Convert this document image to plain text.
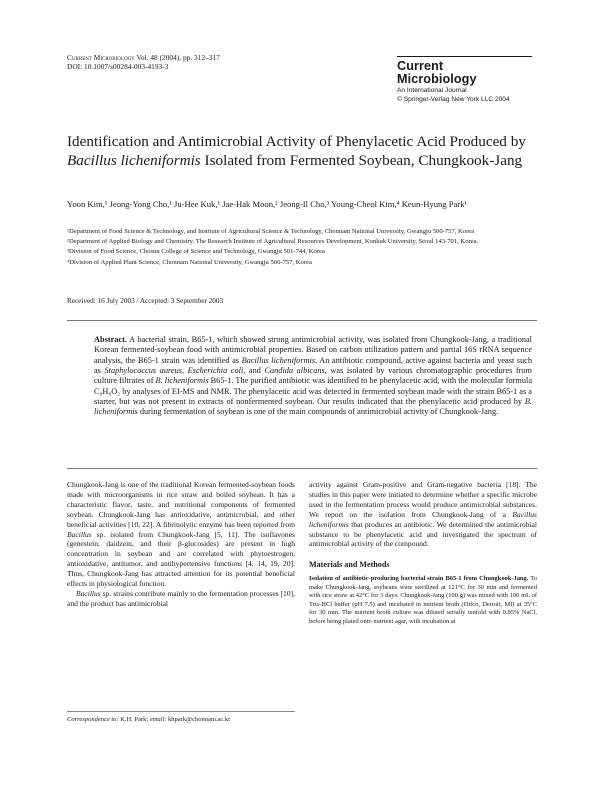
Current Microbiology Vol. 48 (2004), pp. 312–317
DOI: 10.1007/s00284-003-4193-3	Current
Microbiology
An International Journal
© Springer-Verlag New York LLC 2004
Identification and Antimicrobial Activity of Phenylacetic Acid Produced by Bacillus licheniformis Isolated from Fermented Soybean, Chungkook-Jang
Yoon Kim,¹ Jeong-Yong Cho,¹ Ju-Hee Kuk,¹ Jae-Hak Moon,² Jeong-Il Cho,³ Young-Cheol Kim,⁴ Keun-Hyung Park¹

¹Department of Food Science & Technology, and Institute of Agricultural Science & Technology, Chonnam National University, Gwangju 500-757, Korea

²Department of Applied Biology and Chemistry. The Research Institute of Agricultural Resources Development, Konkuk University, Seoul 143-701, Korea.

³Division of Food Science, Chosun College of Science and Technology, Gwangju 501-744, Korea

⁴Division of Applied Plant Science, Chonnam National University, Gwangju 500-757, Korea

Received: 16 July 2003 / Accepted: 3 September 2003

Abstract. A bacterial strain, B65-1, which showed strong antimicrobial activity, was isolated from Chungkook-Jang, a traditional Korean fermented-soybean food with antimicrobial properties. Based on carbon utilization pattern and partial 16S rRNA sequence analysis, the B65-1 strain was identified as Bacillus licheniformis. An antibiotic compound, active against bacteria and yeast such as Staphylococcus aureus, Escherichia coli, and Candida albicans, was isolated by various chromatographic procedures from culture filtrates of B. licheniformis B65-1. The purified antibiotic was identified to be phenylacetic acid, with the molecular formula C₈H₈O₂ by analyses of EI-MS and NMR. The phenylacetic acid was detected in fermented soybean made with the strain B65-1 as a starter, but was not present in extracts of nonfermented soybean. Our results indicated that the phenylacetic acid produced by B. licheniformis during fermentation of soybean is one of the main compounds of antimicrobial activity of Chungkook-Jang.

Chungkook-Jang is one of the traditional Korean fermented-soybean foods made with microorganisms in rice straw and boiled soybean. It has a characteristic flavor, taste, and nutritional components of fermented soybean. Chungkook-Jang has antioxidative, antimicrobial, and other beneficial activities [10, 22]. A fibrinolytic enzyme has been reported from Bacillus sp. isolated from Chungkook-Jang [5, 11]. The isoflavones (genestein, daidzein, and their β-glucosides) are present in high concentration in soybean and are correlated with phytoestrogen, antioxidative, antitumor, and antihypertensive functions [4, 14, 19, 20]. Thus, Chungkook-Jang has attracted attention for its potential beneficial effects in physiological function.

Bacillus sp. strains contribute mainly to the fermentation processes [10], and the product has antimicrobial

activity against Gram-positive and Gram-negative bacteria [18]. The studies in this paper were initiated to determine whether a specific microbe used in the fermentation process would produce antimicrobial substances. We report on the isolation from Chungkook-Jang of a Bacillus licheniformis that produces an antibiotic. We determined the antimicrobial substance to be phenylacetic acid and investigated the spectrum of antimicrobial activity of the compound.

Materials and Methods

Isolation of antibiotic-producing bacterial strain B65-1 from Chungkook-Jang. To make Chungkook-Jang, soybeans were sterilized at 121°C for 30 min and fermented with rice straw at 42°C for 3 days. Chungkook-Jang (100 g) was mixed with 100 mL of Tris-HCl buffer (pH 7.5) and incubated in nutrient broth (Difco, Detroit, MI) at 35°C for 30 min. The nutrient broth culture was diluted serially tenfold with 0.85% NaCl, before being plated onto nutrient agar, with incubation at

Correspondence to: K.H. Park; email: khpark@chonnam.ac.kr
